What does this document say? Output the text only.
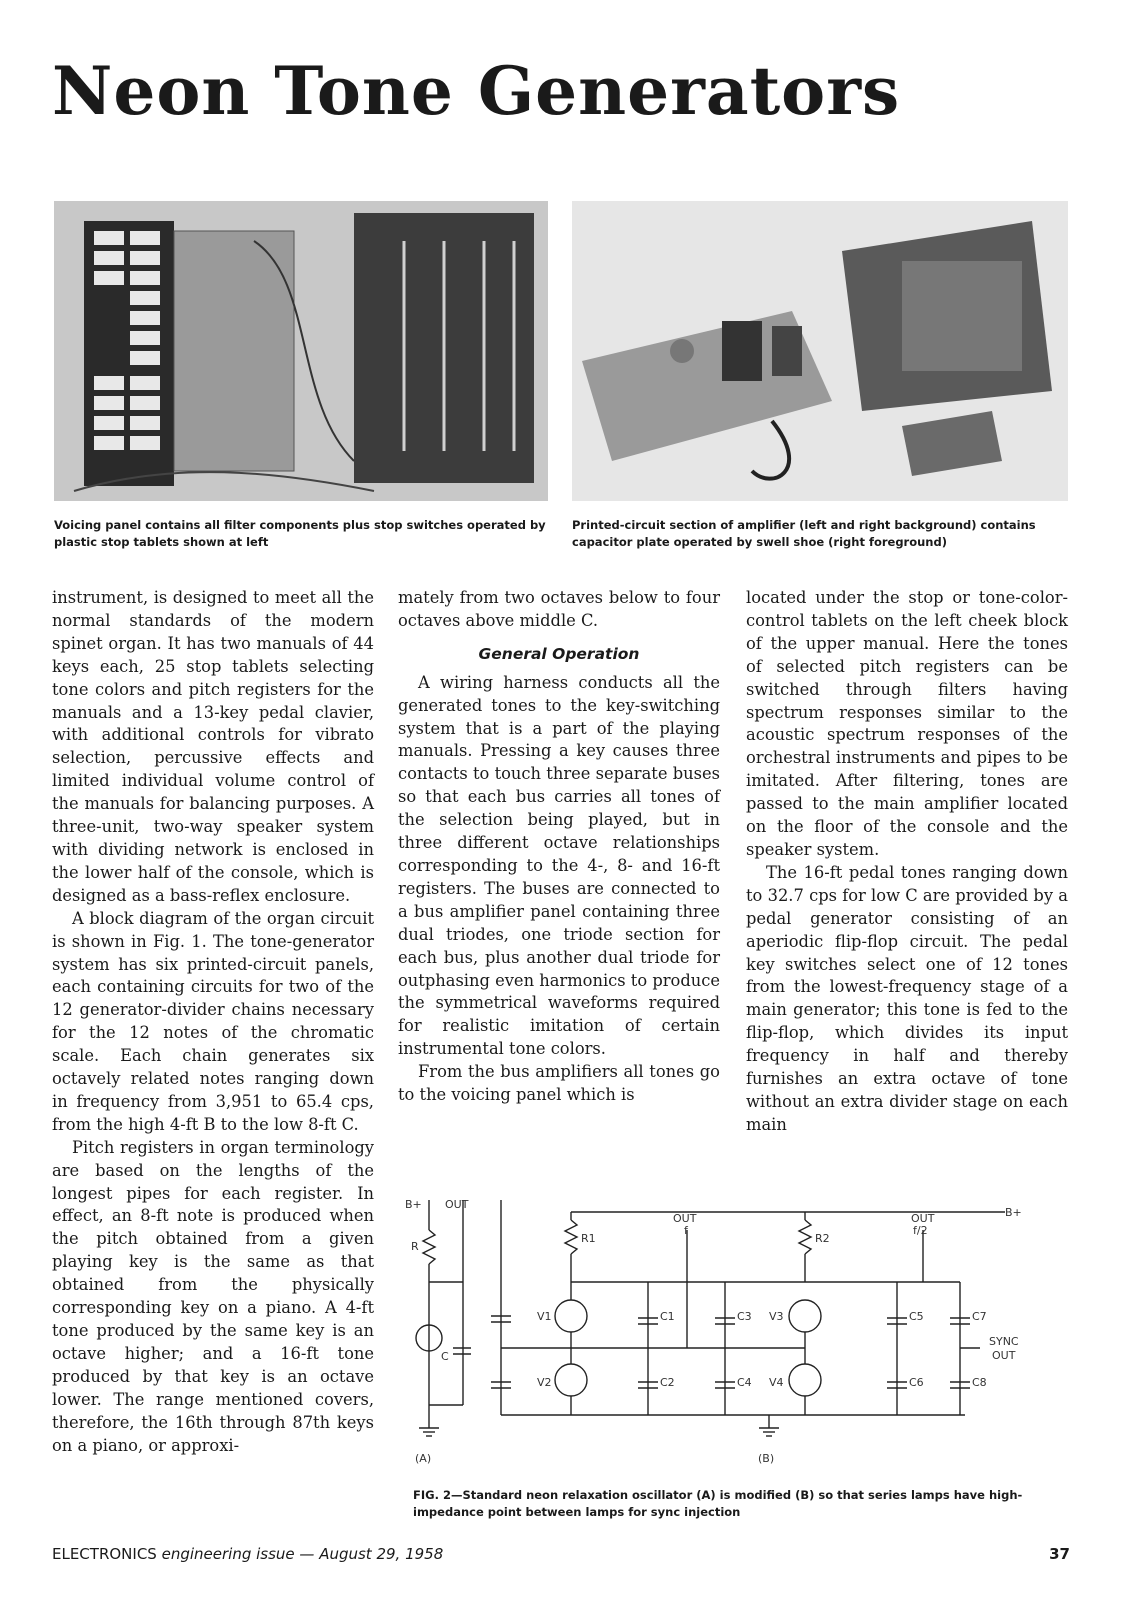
Neon Tone Generators
Voicing panel contains all filter components plus stop switches operated by plastic stop tablets shown at left
Printed-circuit section of amplifier (left and right background) contains capacitor plate operated by swell shoe (right foreground)

instrument, is designed to meet all the normal standards of the modern spinet organ. It has two manuals of 44 keys each, 25 stop tablets selecting tone colors and pitch registers for the manuals and a 13-key pedal clavier, with additional controls for vibrato selection, percussive effects and limited individual volume control of the manuals for balancing purposes. A three-unit, two-way speaker system with dividing network is enclosed in the lower half of the console, which is designed as a bass-reflex enclosure.

A block diagram of the organ circuit is shown in Fig. 1. The tone-generator system has six printed-circuit panels, each containing circuits for two of the 12 generator-divider chains necessary for the 12 notes of the chromatic scale. Each chain generates six octavely related notes ranging down in frequency from 3,951 to 65.4 cps, from the high 4-ft B to the low 8-ft C.

Pitch registers in organ terminology are based on the lengths of the longest pipes for each register. In effect, an 8-ft note is produced when the pitch obtained from a given playing key is the same as that obtained from the physically corresponding key on a piano. A 4-ft tone produced by the same key is an octave higher; and a 16-ft tone produced by that key is an octave lower. The range mentioned covers, therefore, the 16th through 87th keys on a piano, or approxi-

mately from two octaves below to four octaves above middle C.

General Operation

A wiring harness conducts all the generated tones to the key-switching system that is a part of the playing manuals. Pressing a key causes three contacts to touch three separate buses so that each bus carries all tones of the selection being played, but in three different octave relationships corresponding to the 4-, 8- and 16-ft registers. The buses are connected to a bus amplifier panel containing three dual triodes, one triode section for each bus, plus another dual triode for outphasing even harmonics to produce the symmetrical waveforms required for realistic imitation of certain instrumental tone colors.

From the bus amplifiers all tones go to the voicing panel which is

located under the stop or tone-color-control tablets on the left cheek block of the upper manual. Here the tones of selected pitch registers can be switched through filters having spectrum responses similar to the acoustic spectrum responses of the orchestral instruments and pipes to be imitated. After filtering, tones are passed to the main amplifier located on the floor of the console and the speaker system.

The 16-ft pedal tones ranging down to 32.7 cps for low C are provided by a pedal generator consisting of an aperiodic flip-flop circuit. The pedal key switches select one of 12 tones from the lowest-frequency stage of a main generator; this tone is fed to the flip-flop, which divides its input frequency in half and thereby furnishes an extra octave of tone without an extra divider stage on each main

B+ OUT
R
C
(A)
R1	R2
OUT
f
OUT
f/2
B+
V1
V2
V3
V4
C1
C2
C3
C4
C5
C6
C7
C8
SYNC
OUT
(B)
FIG. 2—Standard neon relaxation oscillator (A) is modified (B) so that series lamps have high-impedance point between lamps for sync injection
ELECTRONICS engineering issue — August 29, 1958	37
